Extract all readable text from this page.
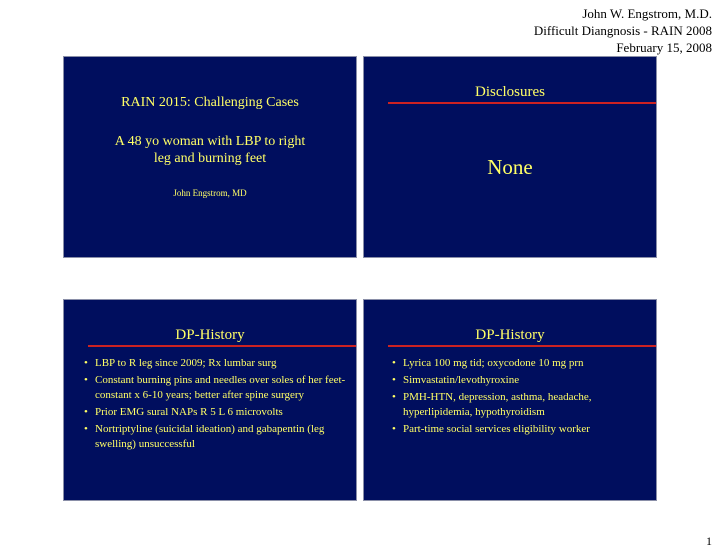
John W. Engstrom, M.D.
Difficult Diangnosis - RAIN 2008
February 15, 2008
RAIN 2015: Challenging Cases
A 48 yo woman with LBP to right
leg and burning feet
John Engstrom, MD
Disclosures
None
DP-History
• LBP to R leg since 2009; Rx lumbar surg
• Constant burning pins and needles over soles of her feet-constant x 6-10 years; better after spine surgery
• Prior EMG sural NAPs R 5 L 6 microvolts
• Nortriptyline (suicidal ideation) and gabapentin (leg swelling) unsuccessful
DP-History
• Lyrica 100 mg tid; oxycodone 10 mg prn
• Simvastatin/levothyroxine
• PMH-HTN, depression, asthma, headache, hyperlipidemia, hypothyroidism
• Part-time social services eligibility worker
1
